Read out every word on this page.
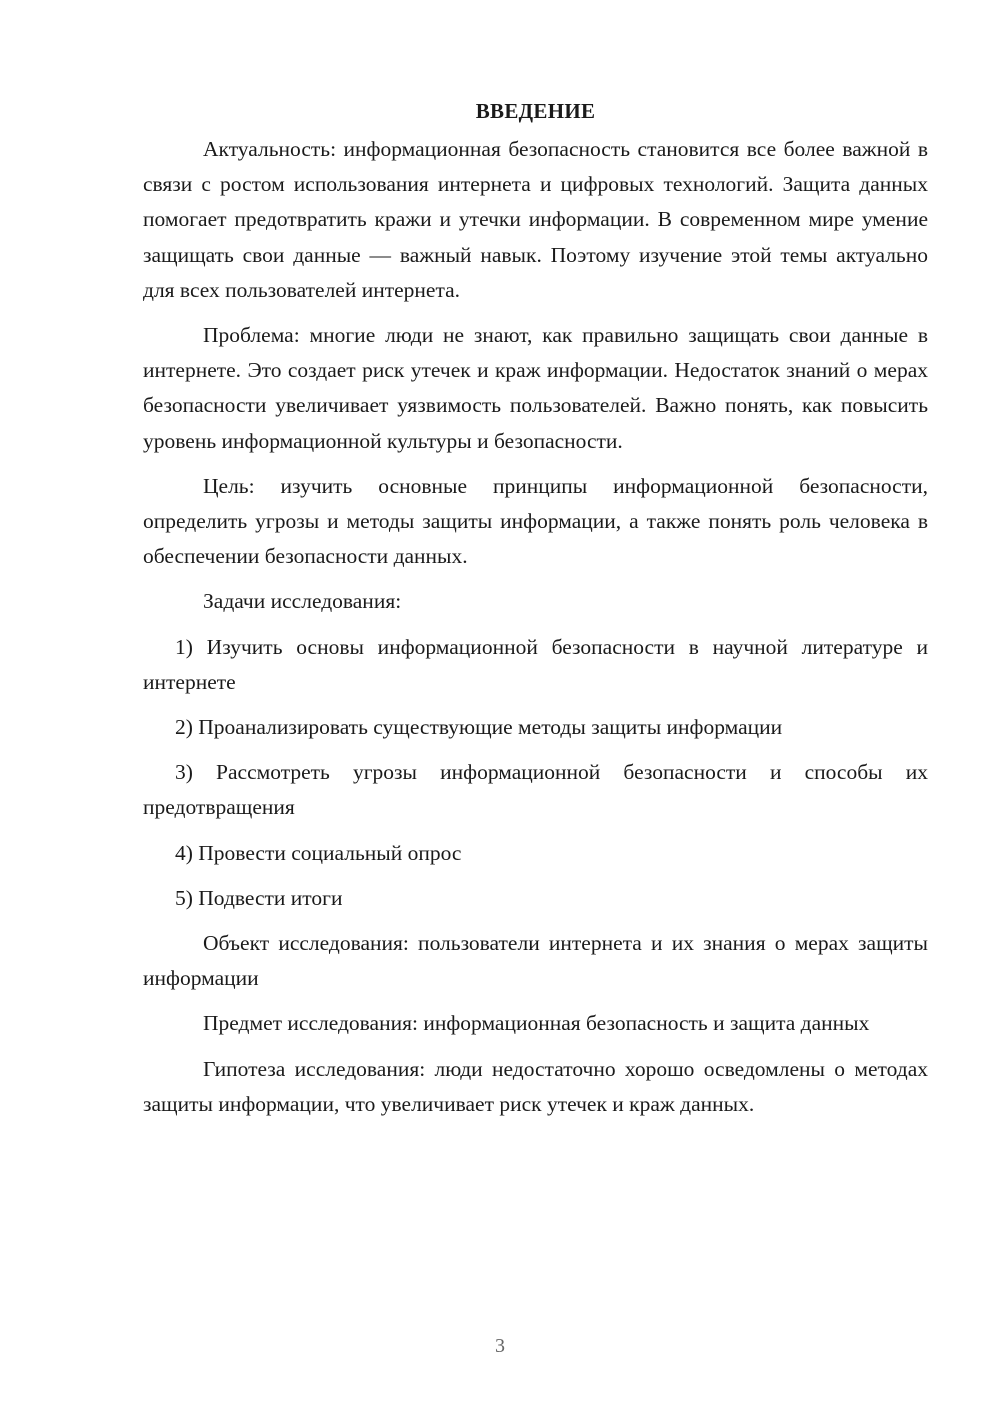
ВВЕДЕНИЕ

Актуальность: информационная безопасность становится все более важной в связи с ростом использования интернета и цифровых технологий. Защита данных помогает предотвратить кражи и утечки информации. В современном мире умение защищать свои данные — важный навык. Поэтому изучение этой темы актуально для всех пользователей интернета.

Проблема: многие люди не знают, как правильно защищать свои данные в интернете. Это создает риск утечек и краж информации. Недостаток знаний о мерах безопасности увеличивает уязвимость пользователей. Важно понять, как повысить уровень информационной культуры и безопасности.

Цель: изучить основные принципы информационной безопасности, определить угрозы и методы защиты информации, а также понять роль человека в обеспечении безопасности данных.

Задачи исследования:

1) Изучить основы информационной безопасности в научной литературе и интернете

2) Проанализировать существующие методы защиты информации

3) Рассмотреть угрозы информационной безопасности и способы их предотвращения

4) Провести социальный опрос

5) Подвести итоги

Объект исследования: пользователи интернета и их знания о мерах защиты информации

Предмет исследования: информационная безопасность и защита данных

Гипотеза исследования: люди недостаточно хорошо осведомлены о методах защиты информации, что увеличивает риск утечек и краж данных.

3
